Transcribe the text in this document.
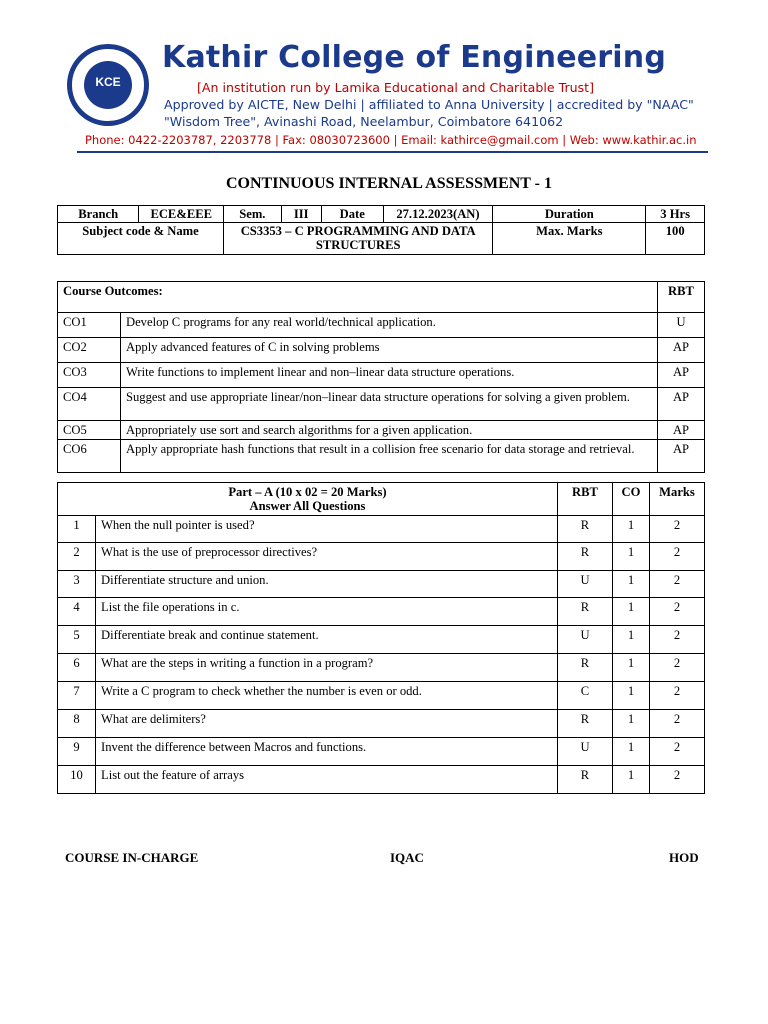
KCE
Kathir College of Engineering
[An institution run by Lamika Educational and Charitable Trust]
Approved by AICTE, New Delhi | affiliated to Anna University | accredited by "NAAC"
"Wisdom Tree", Avinashi Road, Neelambur, Coimbatore 641062
Phone: 0422-2203787, 2203778 | Fax: 08030723600 | Email: kathirce@gmail.com | Web: www.kathir.ac.in
CONTINUOUS INTERNAL ASSESSMENT - 1
Branch	ECE&EEE	Sem.	III	Date	27.12.2023(AN)	Duration	3 Hrs
Subject code & Name		CS3353 – C PROGRAMMING AND DATA STRUCTURES				Max. Marks	100
Course Outcomes:		RBT
CO1	Develop C programs for any real world/technical application.	U
CO2	Apply advanced features of C in solving problems	AP
CO3	Write functions to implement linear and non–linear data structure operations.	AP
CO4	Suggest and use appropriate linear/non–linear data structure operations for solving a given problem.	AP
CO5	Appropriately use sort and search algorithms for a given application.	AP
CO6	Apply appropriate hash functions that result in a collision free scenario for data storage and retrieval.	AP
Part – A (10 x 02 = 20 Marks)
Answer All Questions		RBT	CO	Marks
1	When the null pointer is used?	R	1	2
2	What is the use of preprocessor directives?	R	1	2
3	Differentiate structure and union.	U	1	2
4	List the file operations in c.	R	1	2
5	Differentiate break and continue statement.	U	1	2
6	What are the steps in writing a function in a program?	R	1	2
7	Write a C program to check whether the number is even or odd.	C	1	2
8	What are delimiters?	R	1	2
9	Invent the difference between Macros and functions.	U	1	2
10	List out the feature of arrays	R	1	2
COURSE IN-CHARGE	IQAC	HOD
